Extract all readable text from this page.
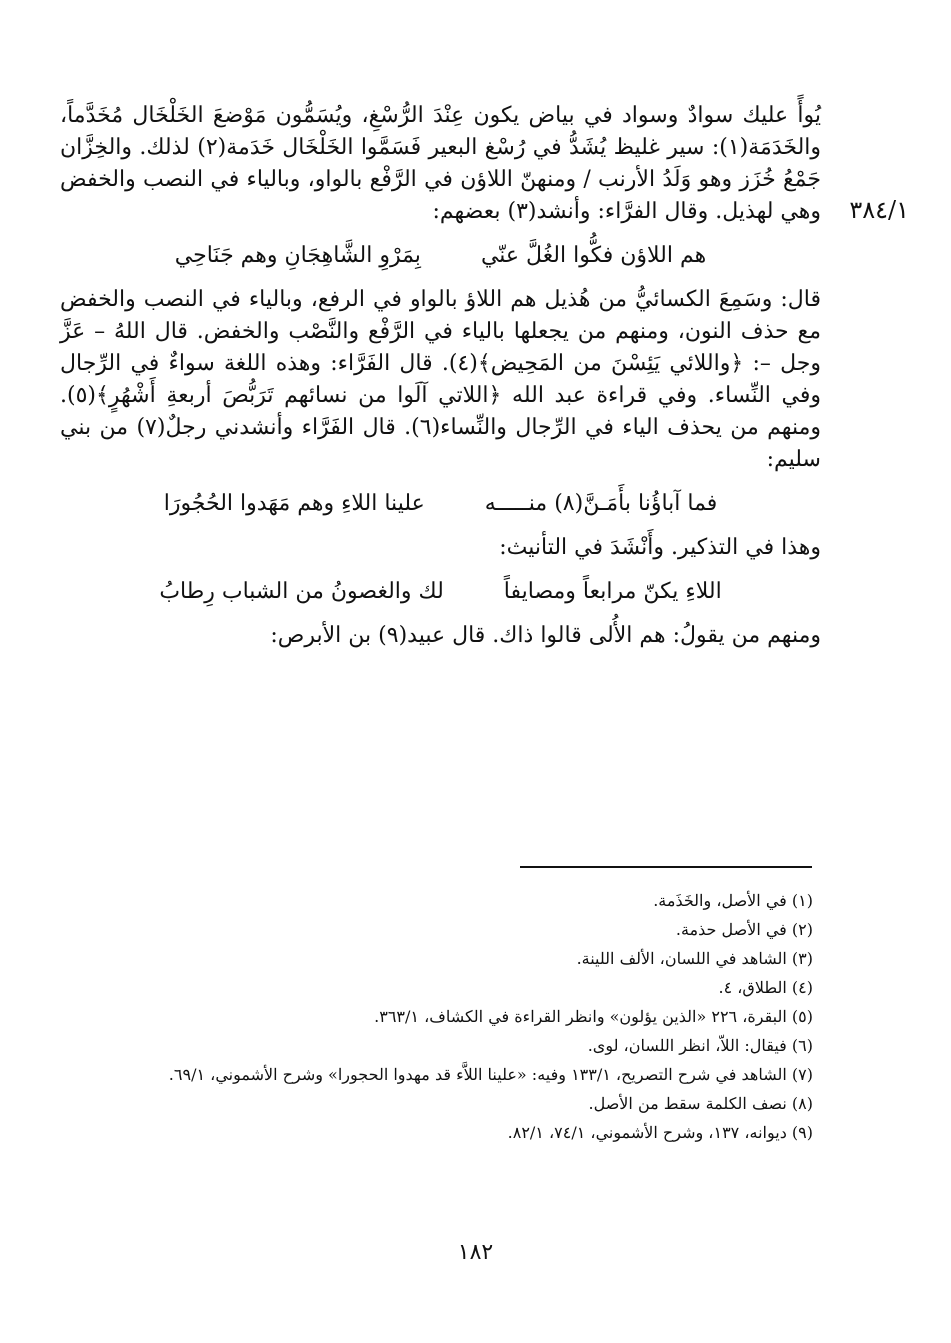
٣٨٤/١

يُوأً عليك سوادٌ وسواد في بياض يكون عِنْدَ الرُّسْغِ، ويُسَمُّون مَوْضعَ الخَلْخَال مُخَدَّماً، والخَدَمَة(١): سير غليظ يُشَدُّ في رُسْغ البعير فَسَمَّوا الخَلْخَال خَدَمة(٢) لذلك. والخِزَّان جَمْعُ خُزَز وهو وَلَدُ الأرنب / ومنهنّ اللاؤن في الرَّفْع بالواو، وبالياء في النصب والخفض وهي لهذيل. وقال الفرَّاء: وأنشد(٣) بعضهم:

هم اللاؤن فكُّوا الغُلَّ عنّي
بِمَرْوِ الشَّاهِجَانِ وهم جَنَاحِي

قال: وسَمِعَ الكسائيُّ من هُذيل هم اللاؤ بالواو في الرفع، وبالياء في النصب والخفض مع حذف النون، ومنهم من يجعلها بالياء في الرَّفْع والنَّصْب والخفض. قال اللهُ – عَزَّ وجل –: ﴿واللائي يَئِسْنَ من المَحِيض﴾(٤). قال الفَرَّاء: وهذه اللغة سواءٌ في الرِّجال وفي النِّساء. وفي قراءة عبد الله ﴿اللاتي آلَوا من نسائهم تَرَبُّصَ أربعةِ أَشْهُرٍ﴾(٥). ومنهم من يحذف الياء في الرِّجال والنِّساء(٦). قال الفَرَّاء وأنشدني رجلٌ(٧) من بني سليم:

فما آباؤُنا بأَمَـنَّ(٨) منـــــه
علينا اللاءِ وهم مَهَدوا الحُجُورَا

وهذا في التذكير. وأَنْشَدَ في التأنيث:

اللاءِ يكنّ مرابعاً ومصايفاً
لك والغصونُ من الشباب رِطابُ

ومنهم من يقولُ: هم الأُلى قالوا ذاك. قال عبيد(٩) بن الأبرص:

(١) في الأصل، والخَذَمة.
(٢) في الأصل حذمة.
(٣) الشاهد في اللسان، الألف اللينة.
(٤) الطلاق، ٤.
(٥) البقرة، ٢٢٦ «الذين يؤلون» وانظر القراءة في الكشاف، ٣٦٣/١.
(٦) فيقال: اللاّ، انظر اللسان، لوى.
(٧) الشاهد في شرح التصريح، ١٣٣/١ وفيه: «علينا اللاَّء قد مهدوا الحجورا» وشرح الأشموني، ٦٩/١.
(٨) نصف الكلمة سقط من الأصل.
(٩) ديوانه، ١٣٧، وشرح الأشموني، ٧٤/١، ٨٢/١.
١٨٢
